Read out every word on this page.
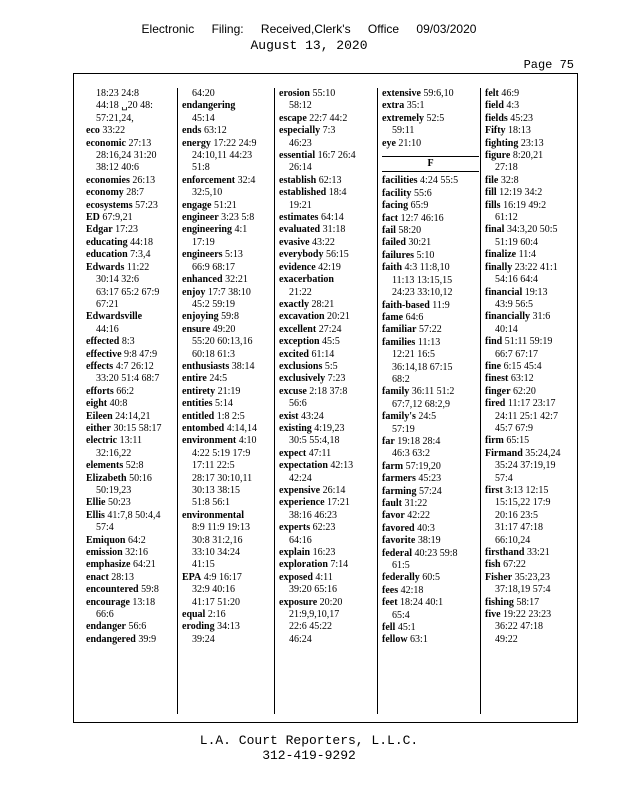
Electronic Filing: Received,Clerk's Office 09/03/2020
August 13, 2020
Page 75
18:23 24:8
44:18 ␣20 48:
57:21,24,
eco 33:22
economic 27:13
28:16,24 31:20
38:12 40:6
economies 26:13
economy 28:7
ecosystems 57:23
ED 67:9,21
Edgar 17:23
educating 44:18
education 7:3,4
Edwards 11:22
30:14 32:6
63:17 65:2 67:9
67:21
Edwardsville
44:16
effected 8:3
effective 9:8 47:9
effects 4:7 26:12
33:20 51:4 68:7
efforts 66:2
eight 40:8
Eileen 24:14,21
either 30:15 58:17
electric 13:11
32:16,22
elements 52:8
Elizabeth 50:16
50:19,23
Ellie 50:23
Ellis 41:7,8 50:4,4
57:4
Emiquon 64:2
emission 32:16
emphasize 64:21
enact 28:13
encountered 59:8
encourage 13:18
66:6
endanger 56:6
endangered 39:9
64:20
endangering
45:14
ends 63:12
energy 17:22 24:9
24:10,11 44:23
51:8
enforcement 32:4
32:5,10
engage 51:21
engineer 3:23 5:8
engineering 4:1
17:19
engineers 5:13
66:9 68:17
enhanced 32:21
enjoy 17:7 38:10
45:2 59:19
enjoying 59:8
ensure 49:20
55:20 60:13,16
60:18 61:3
enthusiasts 38:14
entire 24:5
entirety 21:19
entities 5:14
entitled 1:8 2:5
entombed 4:14,14
environment 4:10
4:22 5:19 17:9
17:11 22:5
28:17 30:10,11
30:13 38:15
51:8 56:1
environmental
8:9 11:9 19:13
30:8 31:2,16
33:10 34:24
41:15
EPA 4:9 16:17
32:9 40:16
41:17 51:20
equal 2:16
eroding 34:13
39:24
erosion 55:10
58:12
escape 22:7 44:2
especially 7:3
46:23
essential 16:7 26:4
26:14
establish 62:13
established 18:4
19:21
estimates 64:14
evaluated 31:18
evasive 43:22
everybody 56:15
evidence 42:19
exacerbation
21:22
exactly 28:21
excavation 20:21
excellent 27:24
exception 45:5
excited 61:14
exclusions 5:5
exclusively 7:23
excuse 2:18 37:8
56:6
exist 43:24
existing 4:19,23
30:5 55:4,18
expect 47:11
expectation 42:13
42:24
expensive 26:14
experience 17:21
38:16 46:23
experts 62:23
64:16
explain 16:23
exploration 7:14
exposed 4:11
39:20 65:16
exposure 20:20
21:9,9,10,17
22:6 45:22
46:24
extensive 59:6,10
extra 35:1
extremely 52:5
59:11
eye 21:10
F
facilities 4:24 55:5
facility 55:6
facing 65:9
fact 12:7 46:16
fail 58:20
failed 30:21
failures 5:10
faith 4:3 11:8,10
11:13 13:15,15
24:23 33:10,12
faith-based 11:9
fame 64:6
familiar 57:22
families 11:13
12:21 16:5
36:14,18 67:15
68:2
family 36:11 51:2
67:7,12 68:2,9
family's 24:5
57:19
far 19:18 28:4
46:3 63:2
farm 57:19,20
farmers 45:23
farming 57:24
fault 31:22
favor 42:22
favored 40:3
favorite 38:19
federal 40:23 59:8
61:5
federally 60:5
fees 42:18
feet 18:24 40:1
65:4
fell 45:1
fellow 63:1
felt 46:9
field 4:3
fields 45:23
Fifty 18:13
fighting 23:13
figure 8:20,21
27:18
file 32:8
fill 12:19 34:2
fills 16:19 49:2
61:12
final 34:3,20 50:5
51:19 60:4
finalize 11:4
finally 23:22 41:1
54:16 64:4
financial 19:13
43:9 56:5
financially 31:6
40:14
find 51:11 59:19
66:7 67:17
fine 6:15 45:4
finest 63:12
finger 62:20
fired 11:17 23:17
24:11 25:1 42:7
45:7 67:9
firm 65:15
Firmand 35:24,24
35:24 37:19,19
57:4
first 3:13 12:15
15:15,22 17:9
20:16 23:5
31:17 47:18
66:10,24
firsthand 33:21
fish 67:22
Fisher 35:23,23
37:18,19 57:4
fishing 58:17
five 19:22 23:23
36:22 47:18
49:22
L.A. Court Reporters, L.L.C.
312-419-9292
